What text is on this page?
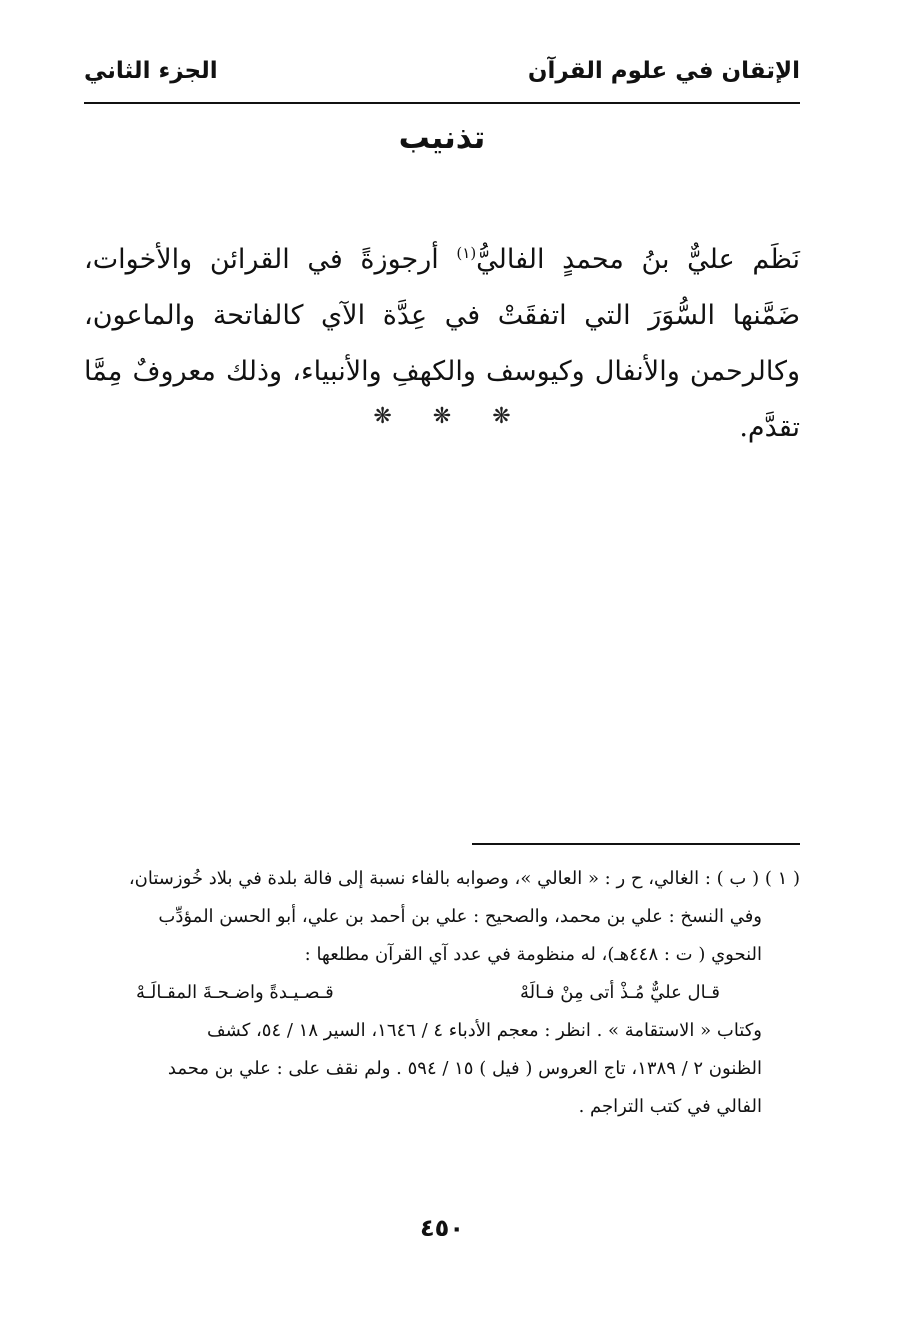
الإتقان في علوم القرآن
الجزء الثاني
تذنيب

نَظَم عليٌّ بنُ محمدٍ الفاليُّ$^{(١)}$ أرجوزةً في القرائن والأخوات، ضَمَّنها السُّوَرَ التي اتفقَتْ في عِدَّة الآي كالفاتحة والماعون، وكالرحمن والأنفال وكيوسف والكهفِ والأنبياء، وذلك معروفٌ مِمَّا تقدَّم.

❋ ❋ ❋

( ١ ) ( ب ) : الغالي، ح ر : « العالي »، وصوابه بالفاء نسبة إلى فالة بلدة في بلاد خُوزستان،

وفي النسخ : علي بن محمد، والصحيح : علي بن أحمد بن علي، أبو الحسن المؤدِّب

النحوي ( ت : ٤٤٨هـ)، له منظومة في عدد آي القرآن مطلعها :

قـال عليٌّ مُـذْ أتى مِنْ فـالَهْ
قـصـيـدةً واضـحـةَ المقـالَـهْ

وكتاب « الاستقامة » . انظر : معجم الأدباء ٤ / ١٦٤٦، السير ١٨ / ٥٤، كشف

الظنون ٢ / ١٣٨٩، تاج العروس ( فيل ) ١٥ / ٥٩٤ . ولم نقف على : علي بن محمد

الفالي في كتب التراجم .

٤٥٠
